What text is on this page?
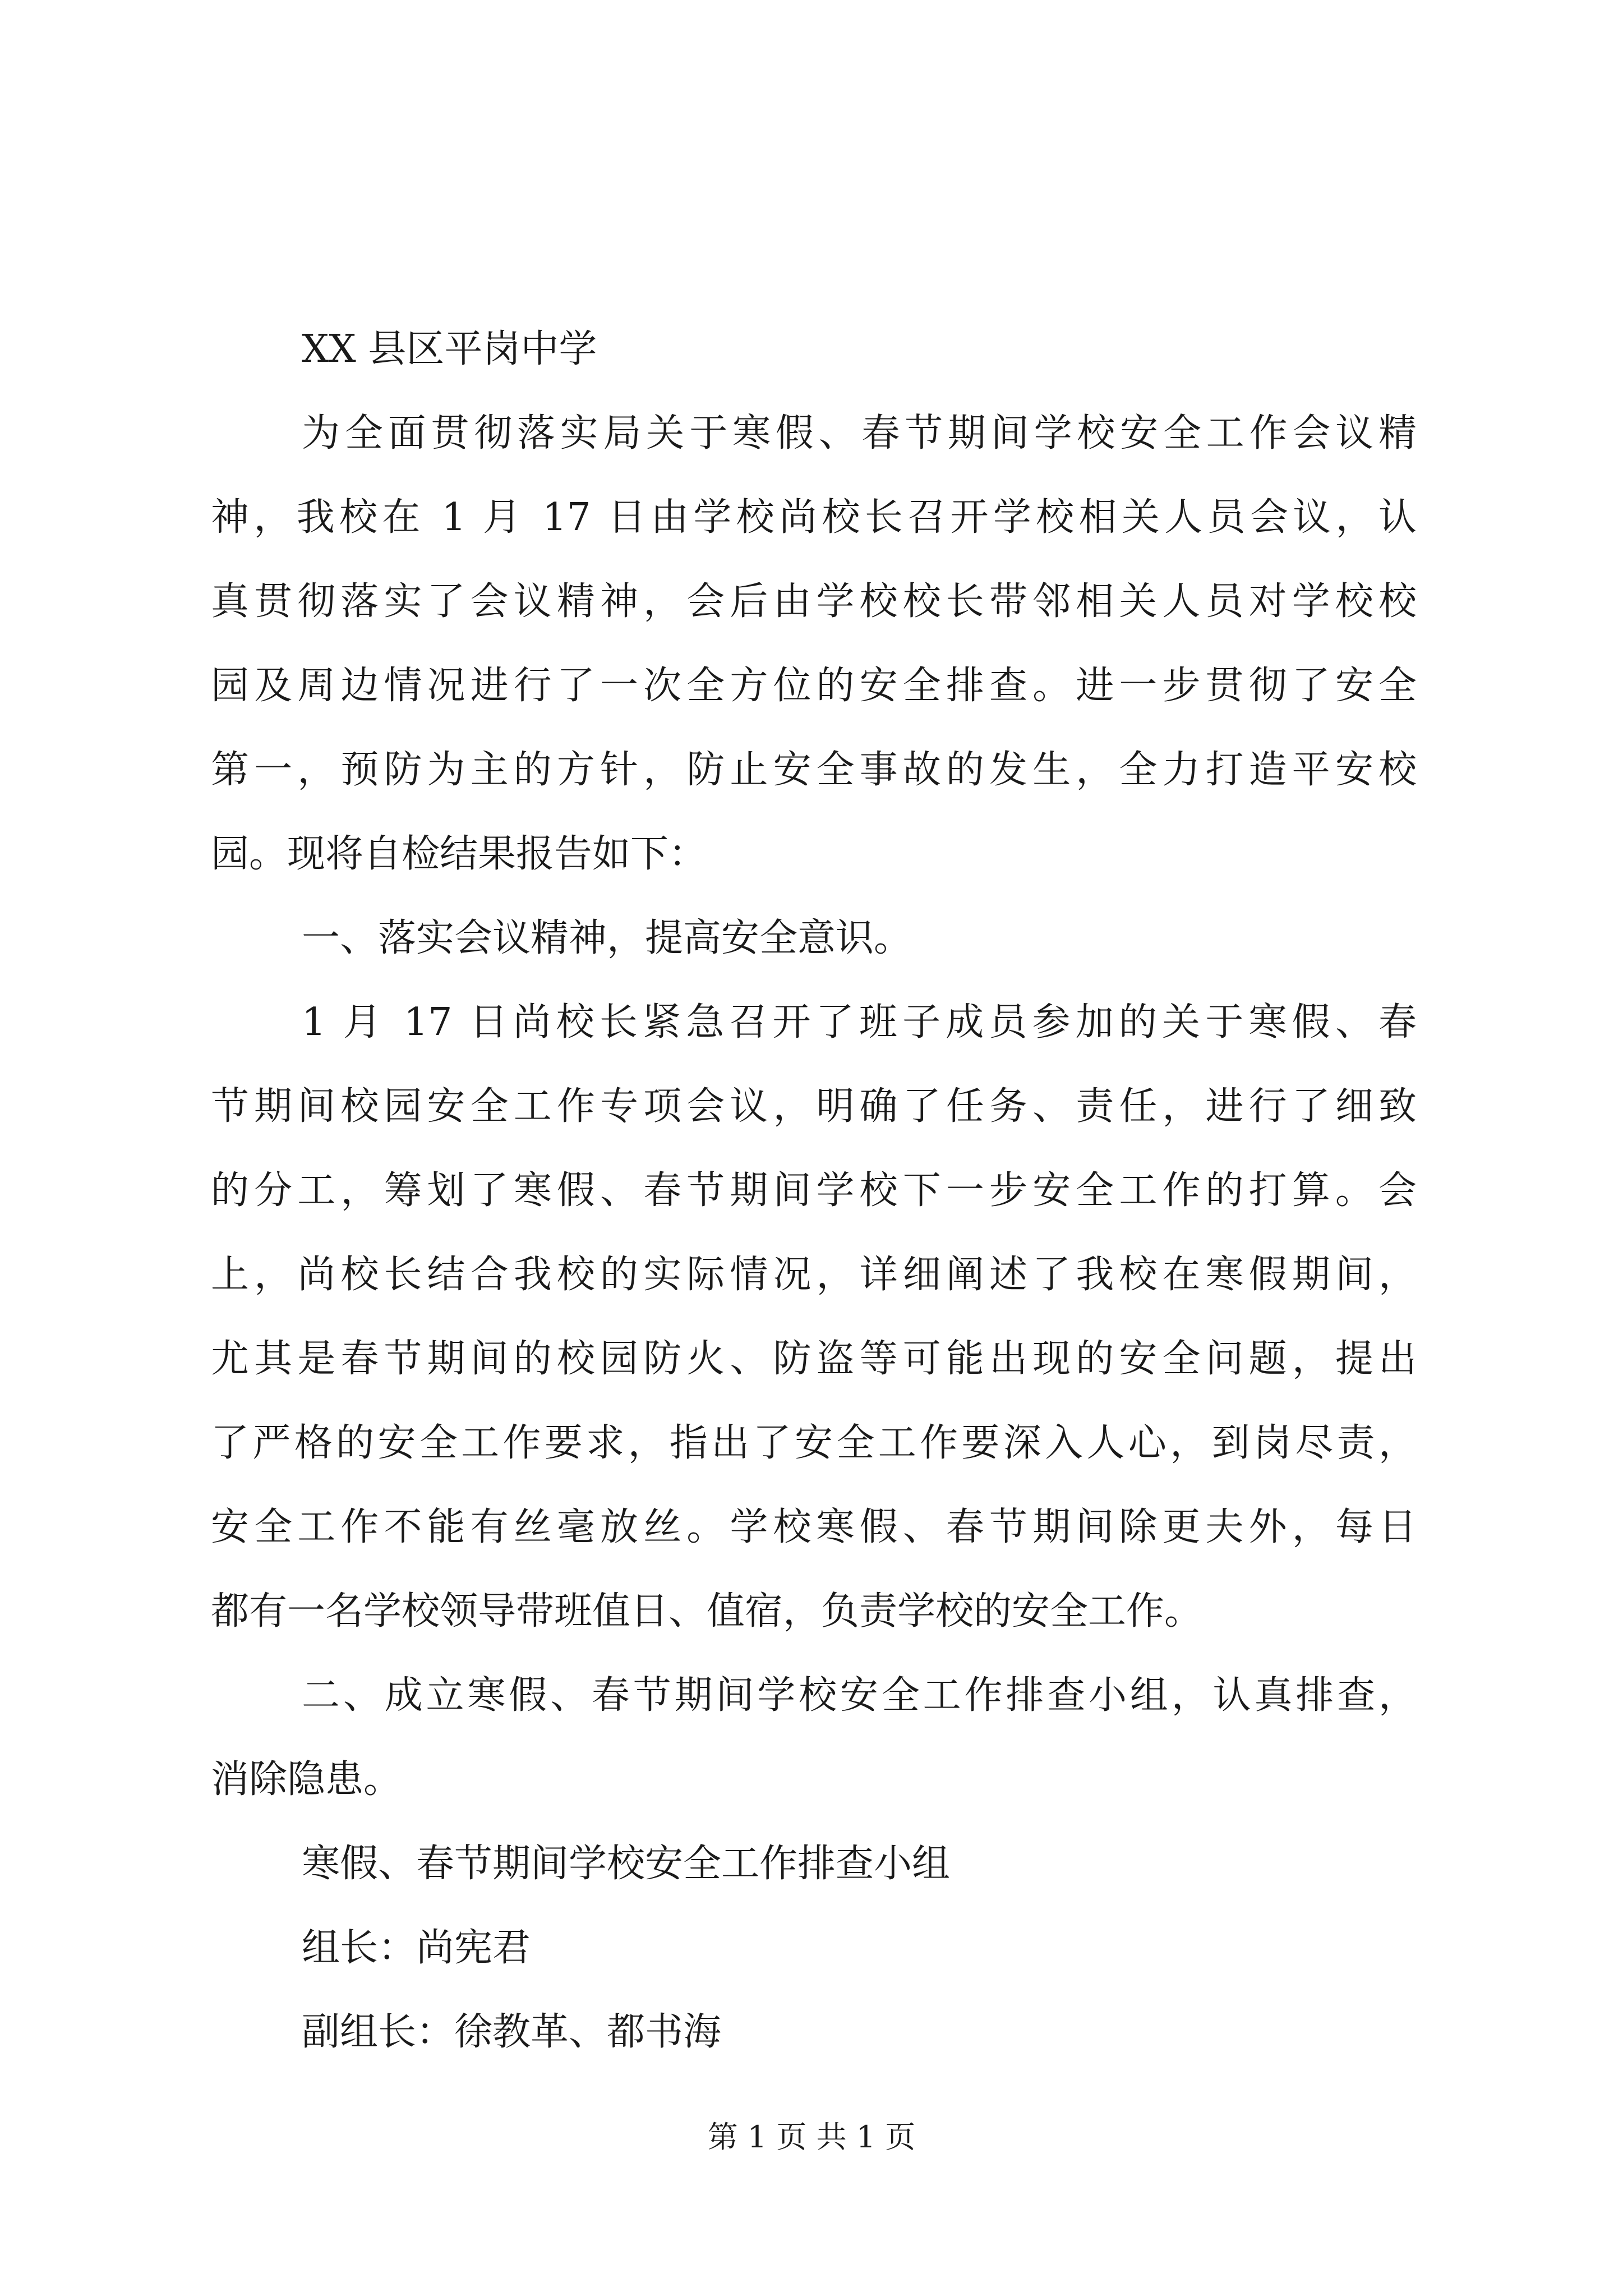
XX 县区平岗中学
为全面贯彻落实局关于寒假、春节期间学校安全工作会议精
神，我校在 1 月 17 日由学校尚校长召开学校相关人员会议，认
真贯彻落实了会议精神，会后由学校校长带邻相关人员对学校校
园及周边情况进行了一次全方位的安全排查。进一步贯彻了安全
第一，预防为主的方针，防止安全事故的发生，全力打造平安校
园。现将自检结果报告如下：
一、落实会议精神，提高安全意识。
1 月 17 日尚校长紧急召开了班子成员参加的关于寒假、春
节期间校园安全工作专项会议，明确了任务、责任，进行了细致
的分工，筹划了寒假、春节期间学校下一步安全工作的打算。会
上，尚校长结合我校的实际情况，详细阐述了我校在寒假期间，
尤其是春节期间的校园防火、防盗等可能出现的安全问题，提出
了严格的安全工作要求，指出了安全工作要深入人心，到岗尽责，
安全工作不能有丝毫放丝。学校寒假、春节期间除更夫外，每日
都有一名学校领导带班值日、值宿，负责学校的安全工作。
二、成立寒假、春节期间学校安全工作排查小组，认真排查，
消除隐患。
寒假、春节期间学校安全工作排查小组
组长：尚宪君
副组长：徐教革、都书海
第 1 页 共 1 页
